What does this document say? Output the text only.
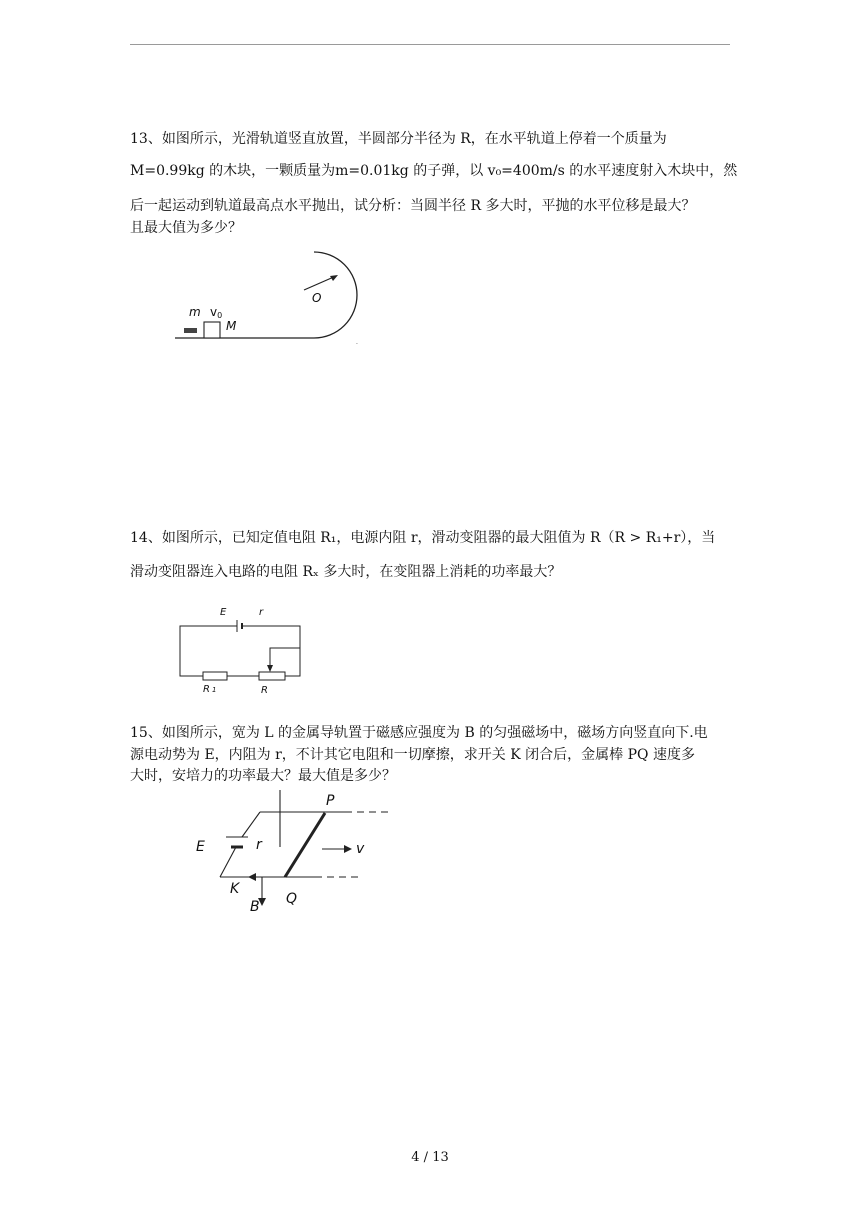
13、如图所示，光滑轨道竖直放置，半圆部分半径为 R，在水平轨道上停着一个质量为

M=0.99kg 的木块，一颗质量为m=0.01kg 的子弹，以 v₀=400m/s 的水平速度射入木块中，然

后一起运动到轨道最高点水平抛出，试分析：当圆半径 R 多大时，平抛的水平位移是最大？

且最大值为多少？

.
m v0
M
O

14、如图所示，已知定值电阻 R₁，电源内阻 r，滑动变阻器的最大阻值为 R（R > R₁+r），当

滑动变阻器连入电路的电阻 Rₓ 多大时，在变阻器上消耗的功率最大？

E	r
R 1	R

15、如图所示，宽为 L 的金属导轨置于磁感应强度为 B 的匀强磁场中，磁场方向竖直向下.电

源电动势为 E，内阻为 r，不计其它电阻和一切摩擦，求开关 K 闭合后，金属棒 PQ 速度多

大时，安培力的功率最大？最大值是多少？

E	r
P
Q
K
B
v
4 / 13
